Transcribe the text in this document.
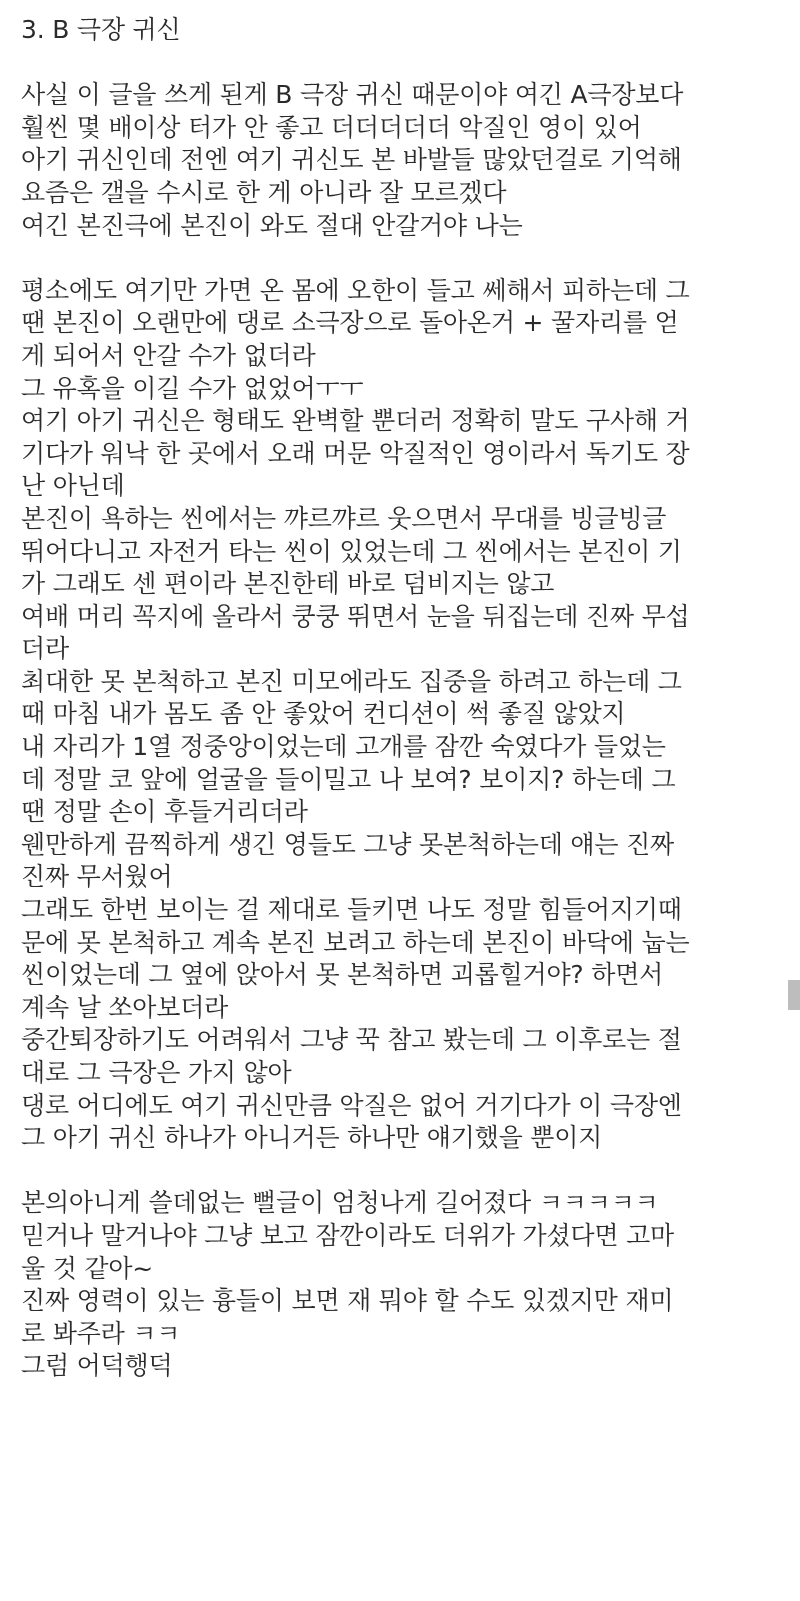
3. B 극장 귀신
사실 이 글을 쓰게 된게 B 극장 귀신 때문이야 여긴 A극장보다
훨씬 몇 배이상 터가 안 좋고 더더더더더 악질인 영이 있어
아기 귀신인데 전엔 여기 귀신도 본 바발들 많았던걸로 기억해
요즘은 갤을 수시로 한 게 아니라 잘 모르겠다
여긴 본진극에 본진이 와도 절대 안갈거야 나는
평소에도 여기만 가면 온 몸에 오한이 들고 쎄해서 피하는데 그
땐 본진이 오랜만에 댕로 소극장으로 돌아온거 + 꿀자리를 얻
게 되어서 안갈 수가 없더라
그 유혹을 이길 수가 없었어ㅜㅜ
여기 아기 귀신은 형태도 완벽할 뿐더러 정확히 말도 구사해 거
기다가 워낙 한 곳에서 오래 머문 악질적인 영이라서 독기도 장
난 아닌데
본진이 욕하는 씬에서는 꺄르꺄르 웃으면서 무대를 빙글빙글
뛰어다니고 자전거 타는 씬이 있었는데 그 씬에서는 본진이 기
가 그래도 센 편이라 본진한테 바로 덤비지는 않고
여배 머리 꼭지에 올라서 쿵쿵 뛰면서 눈을 뒤집는데 진짜 무섭
더라
최대한 못 본척하고 본진 미모에라도 집중을 하려고 하는데 그
때 마침 내가 몸도 좀 안 좋았어 컨디션이 썩 좋질 않았지
내 자리가 1열 정중앙이었는데 고개를 잠깐 숙였다가 들었는
데 정말 코 앞에 얼굴을 들이밀고 나 보여? 보이지? 하는데 그
땐 정말 손이 후들거리더라
웬만하게 끔찍하게 생긴 영들도 그냥 못본척하는데 얘는 진짜
진짜 무서웠어
그래도 한번 보이는 걸 제대로 들키면 나도 정말 힘들어지기때
문에 못 본척하고 계속 본진 보려고 하는데 본진이 바닥에 눕는
씬이었는데 그 옆에 앉아서 못 본척하면 괴롭힐거야? 하면서
계속 날 쏘아보더라
중간퇴장하기도 어려워서 그냥 꾹 참고 봤는데 그 이후로는 절
대로 그 극장은 가지 않아
댕로 어디에도 여기 귀신만큼 악질은 없어 거기다가 이 극장엔
그 아기 귀신 하나가 아니거든 하나만 얘기했을 뿐이지
본의아니게 쓸데없는 뻘글이 엄청나게 길어졌다 ㅋㅋㅋㅋㅋ
믿거나 말거나야 그냥 보고 잠깐이라도 더위가 가셨다면 고마
울 것 같아~
진짜 영력이 있는 흉들이 보면 재 뭐야 할 수도 있겠지만 재미
로 봐주라 ㅋㅋ
그럼 어덕행덕
